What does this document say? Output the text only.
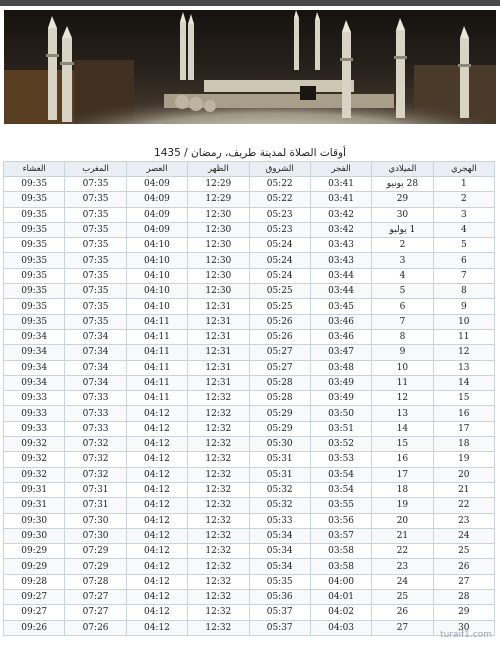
أوقات الصلاة لمدينة طريف، رمضان / 1435
العشاء	المغرب	العصر	الظهر	الشروق	الفجر	الميلادي	الهجري
09:35	07:35	04:09	12:29	05:22	03:41	28 يونيو	1
09:35	07:35	04:09	12:29	05:22	03:41	29	2
09:35	07:35	04:09	12:30	05:23	03:42	30	3
09:35	07:35	04:09	12:30	05:23	03:42	1 يوليو	4
09:35	07:35	04:10	12:30	05:24	03:43	2	5
09:35	07:35	04:10	12:30	05:24	03:43	3	6
09:35	07:35	04:10	12:30	05:24	03:44	4	7
09:35	07:35	04:10	12:30	05:25	03:44	5	8
09:35	07:35	04:10	12:31	05:25	03:45	6	9
09:35	07:35	04:11	12:31	05:26	03:46	7	10
09:34	07:34	04:11	12:31	05:26	03:46	8	11
09:34	07:34	04:11	12:31	05:27	03:47	9	12
09:34	07:34	04:11	12:31	05:27	03:48	10	13
09:34	07:34	04:11	12:31	05:28	03:49	11	14
09:33	07:33	04:11	12:32	05:28	03:49	12	15
09:33	07:33	04:12	12:32	05:29	03:50	13	16
09:33	07:33	04:12	12:32	05:29	03:51	14	17
09:32	07:32	04:12	12:32	05:30	03:52	15	18
09:32	07:32	04:12	12:32	05:31	03:53	16	19
09:32	07:32	04:12	12:32	05:31	03:54	17	20
09:31	07:31	04:12	12:32	05:32	03:54	18	21
09:31	07:31	04:12	12:32	05:32	03:55	19	22
09:30	07:30	04:12	12:32	05:33	03:56	20	23
09:30	07:30	04:12	12:32	05:34	03:57	21	24
09:29	07:29	04:12	12:32	05:34	03:58	22	25
09:29	07:29	04:12	12:32	05:34	03:58	23	26
09:28	07:28	04:12	12:32	05:35	04:00	24	27
09:27	07:27	04:12	12:32	05:36	04:01	25	28
09:27	07:27	04:12	12:32	05:37	04:02	26	29
09:26	07:26	04:12	12:32	05:37	04:03	27	30
turaif1.com
